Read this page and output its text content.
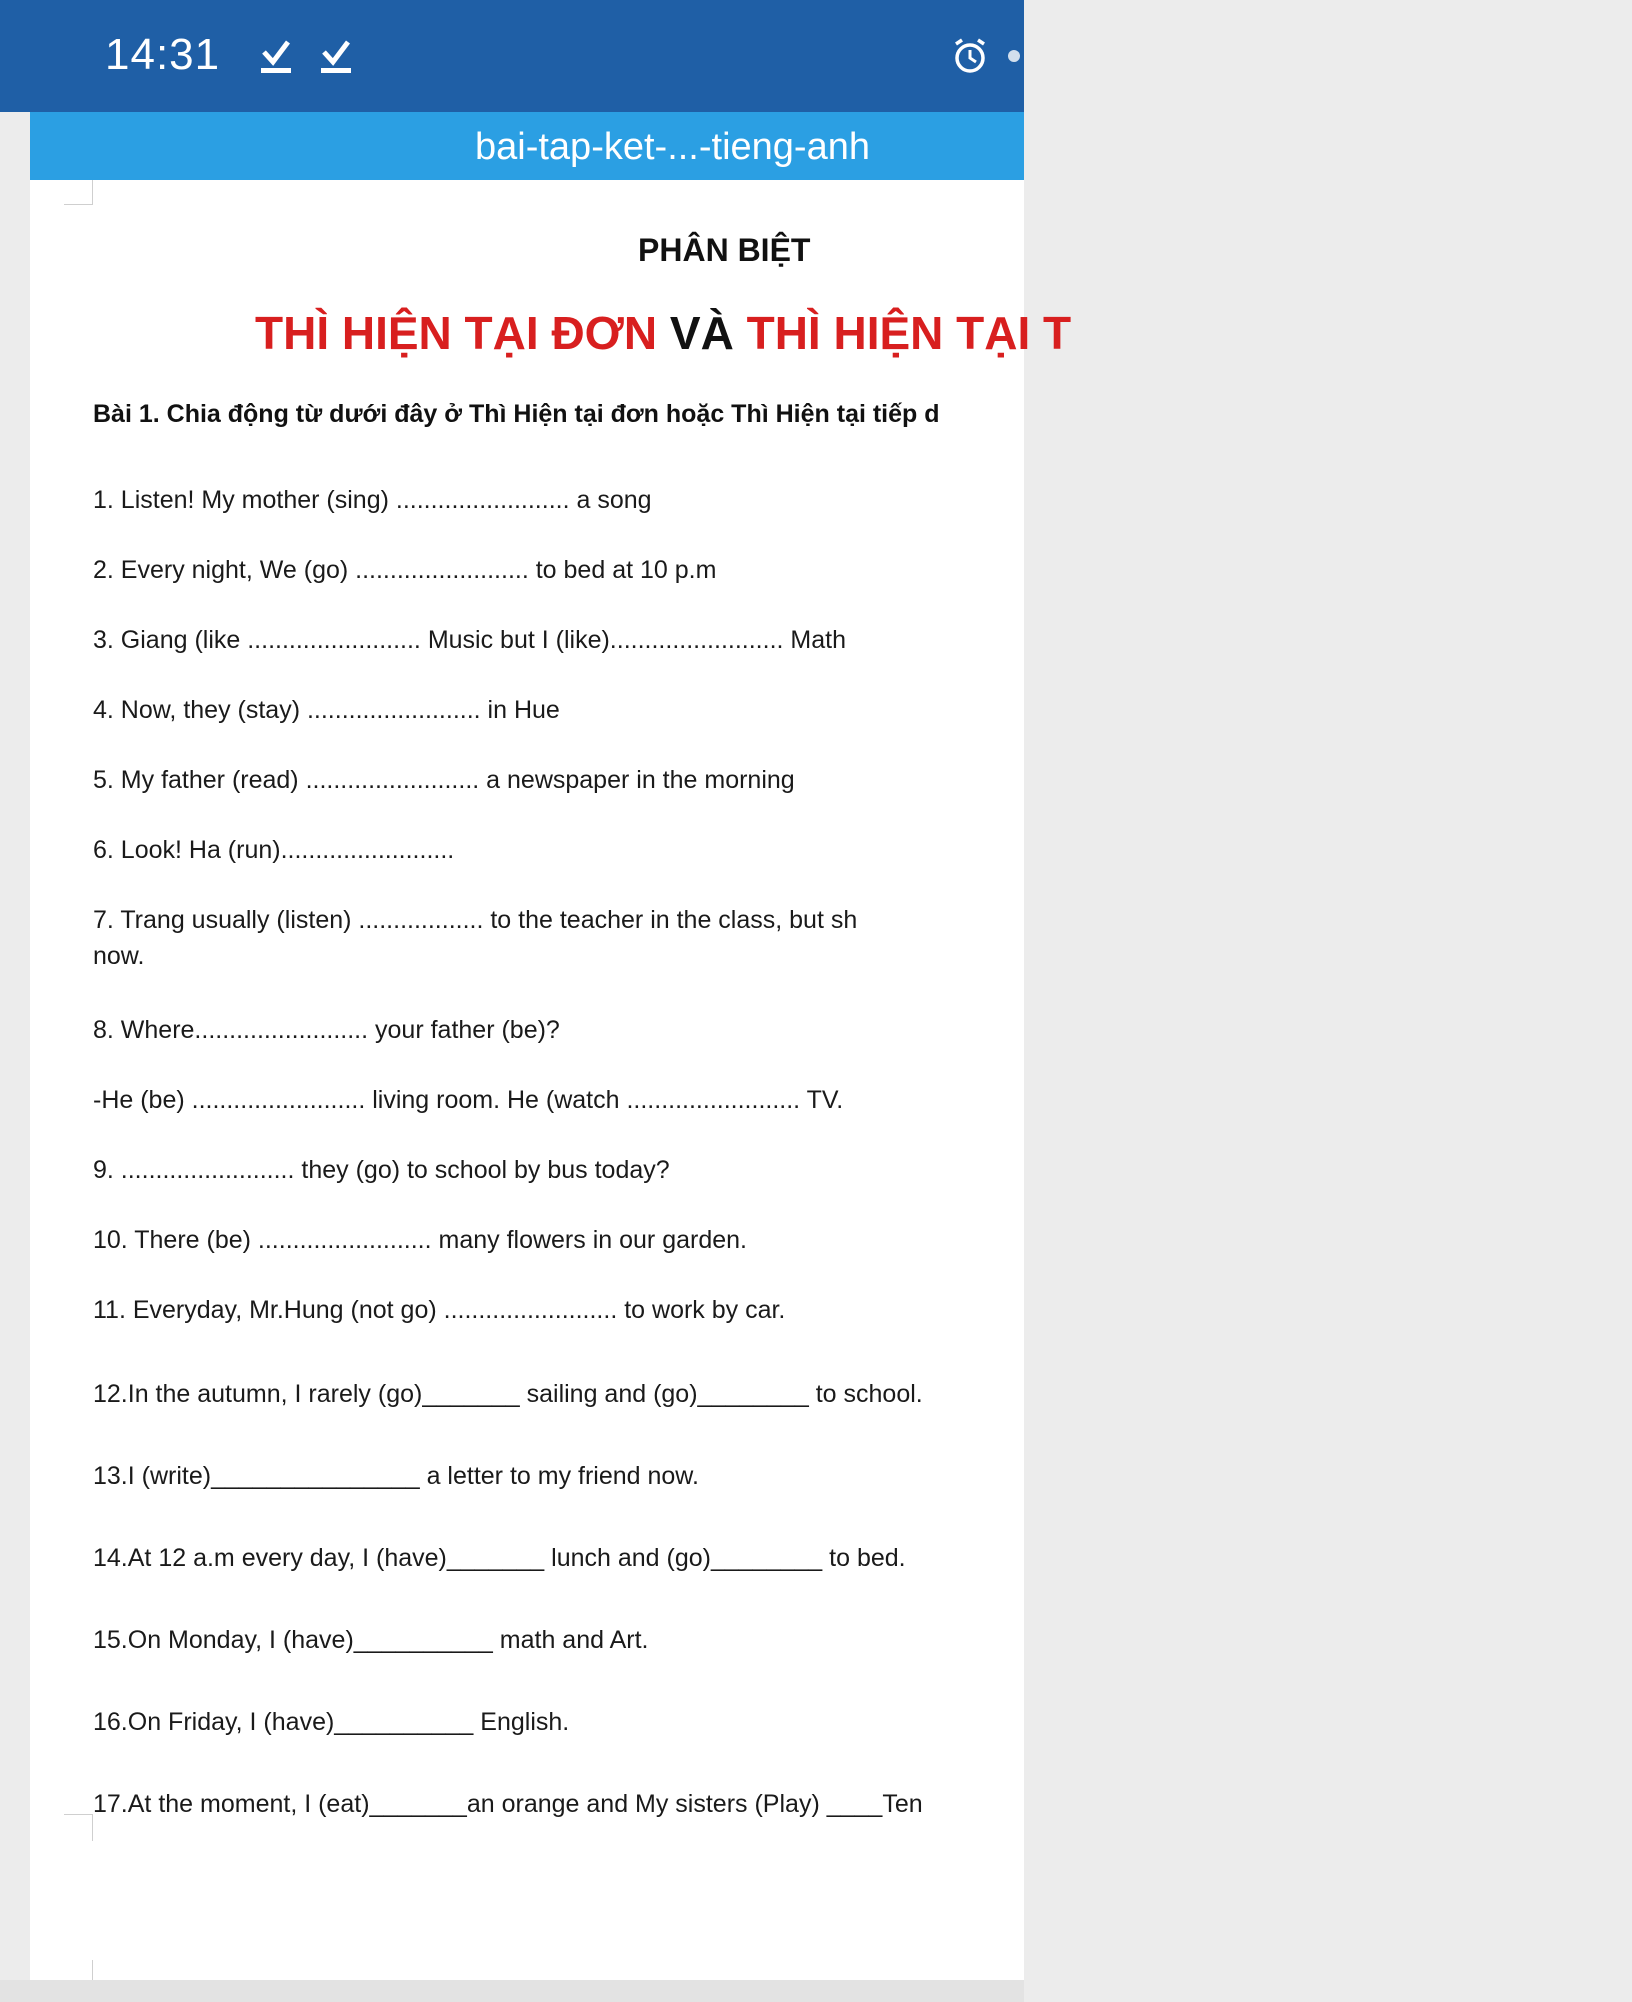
14:31
bai-tap-ket-...-tieng-anh
PHÂN BIỆT
THÌ HIỆN TẠI ĐƠN VÀ THÌ HIỆN TẠI T
Bài 1. Chia động từ dưới đây ở Thì Hiện tại đơn hoặc Thì Hiện tại tiếp d
1. Listen! My mother (sing) ......................... a song
2. Every night, We (go) ......................... to bed at 10 p.m
3. Giang (like ......................... Music but I (like)......................... Math
4. Now, they (stay) ......................... in Hue
5. My father (read) ......................... a newspaper in the morning
6. Look! Ha (run).........................
7. Trang usually (listen) .................. to the teacher in the class, but sh
now.
8. Where......................... your father (be)?
-He (be) ......................... living room. He (watch ......................... TV.
9. ......................... they (go) to school by bus today?
10. There (be) ......................... many flowers in our garden.
11. Everyday, Mr.Hung (not go) ......................... to work by car.
12.In the autumn, I rarely (go)_______ sailing and (go)________ to school.
13.I (write)_______________ a letter to my friend now.
14.At 12 a.m every day, I (have)_______ lunch and (go)________ to bed.
15.On Monday, I (have)__________ math and Art.
16.On Friday, I (have)__________ English.
17.At the moment, I (eat)_______an orange and My sisters (Play) ____Ten
